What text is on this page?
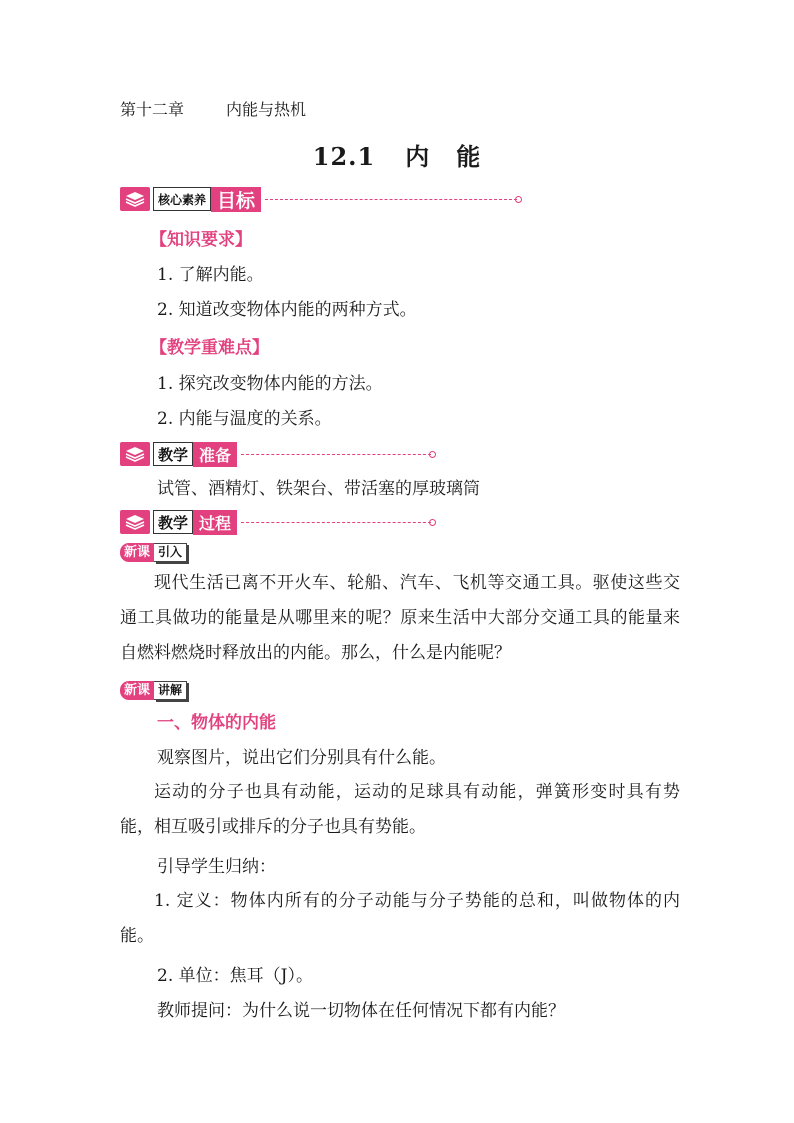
第十二章	内能与热机
12.1 内 能
核心素养 目标
【知识要求】
1. 了解内能。
2. 知道改变物体内能的两种方式。
【教学重难点】
1. 探究改变物体内能的方法。
2. 内能与温度的关系。
教学 准备
试管、酒精灯、铁架台、带活塞的厚玻璃筒
教学 过程
新课 引入
现代生活已离不开火车、轮船、汽车、飞机等交通工具。驱使这些交通工具做功的能量是从哪里来的呢？原来生活中大部分交通工具的能量来自燃料燃烧时释放出的内能。那么，什么是内能呢？
新课 讲解
一、物体的内能
观察图片，说出它们分别具有什么能。
运动的分子也具有动能，运动的足球具有动能，弹簧形变时具有势能，相互吸引或排斥的分子也具有势能。
引导学生归纳：
1. 定义：物体内所有的分子动能与分子势能的总和，叫做物体的内能。
2. 单位：焦耳（J）。
教师提问：为什么说一切物体在任何情况下都有内能？
